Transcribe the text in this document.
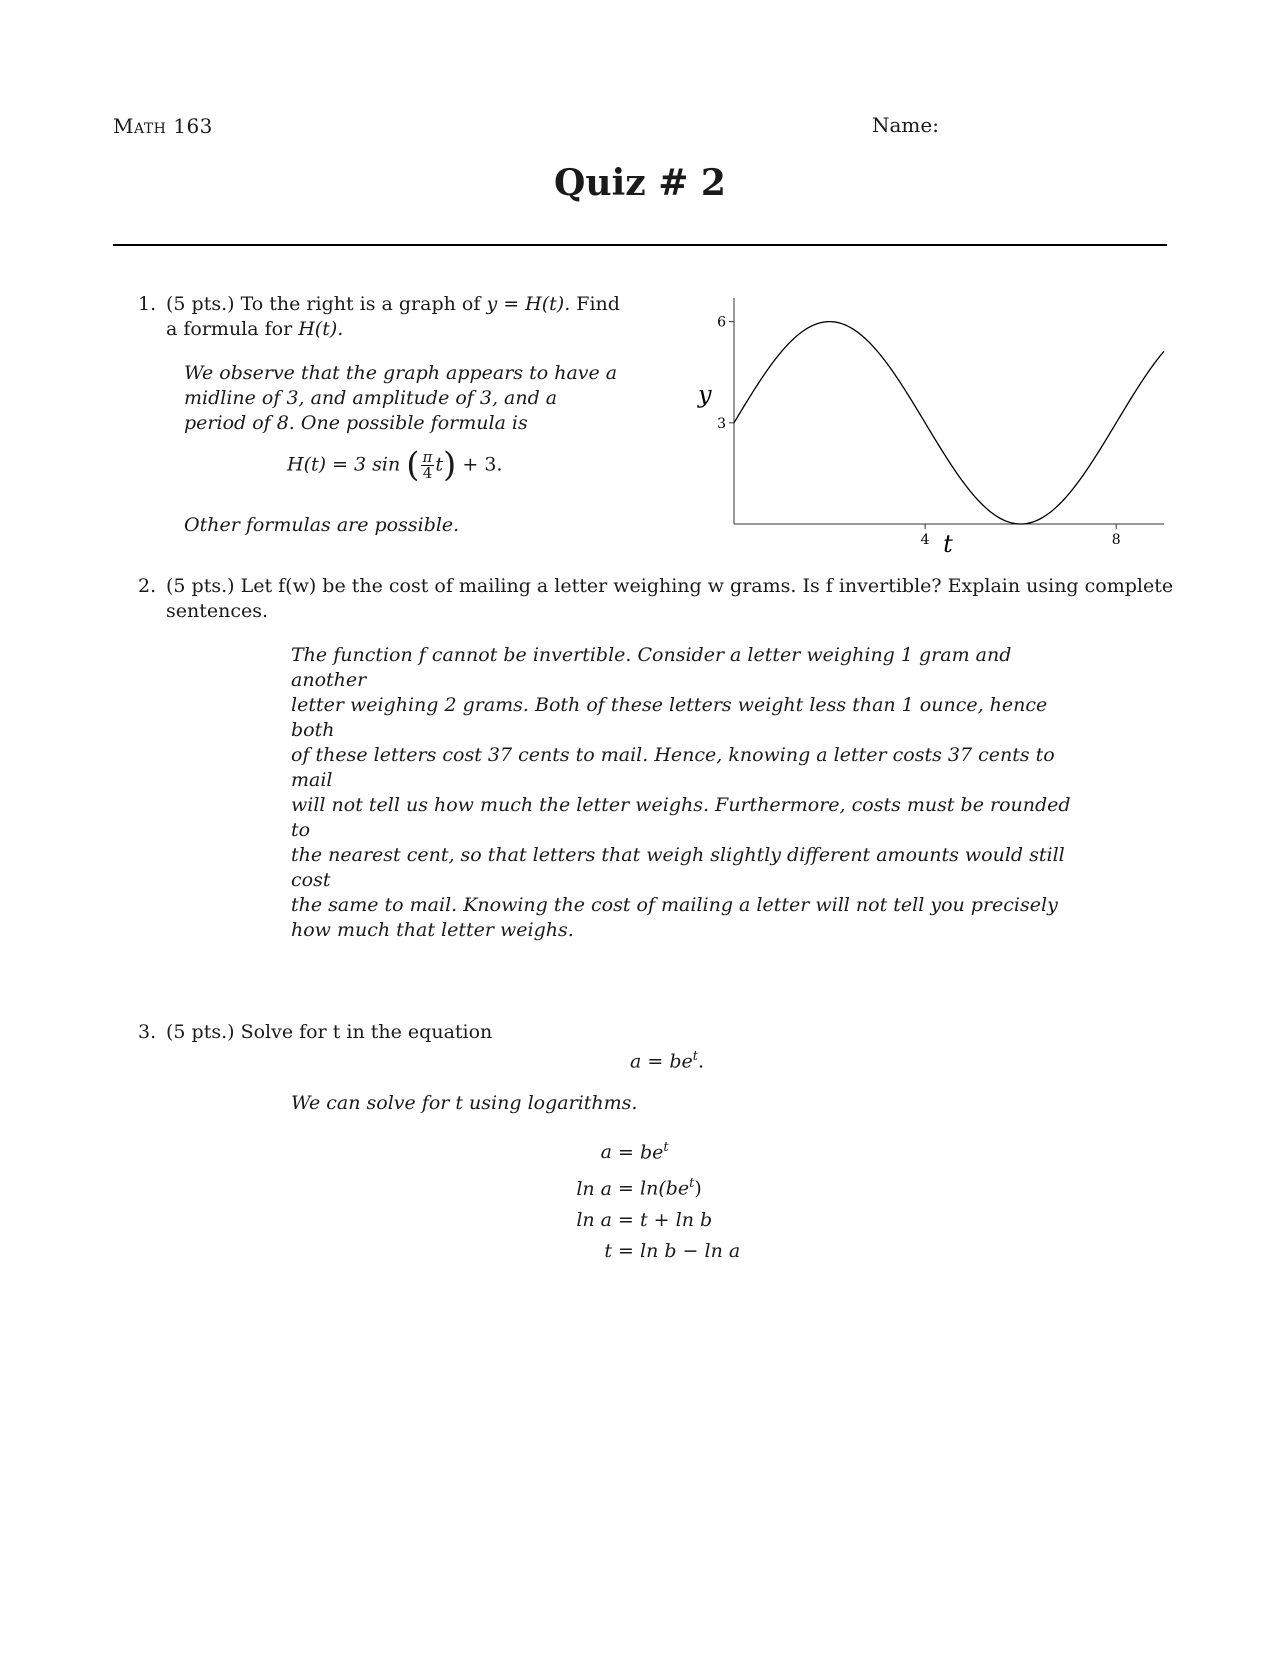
Math 163	Name:
Quiz # 2
1. (5 pts.) To the right is a graph of y = H(t). Find
a formula for H(t).
We observe that the graph appears to have a
midline of 3, and amplitude of 3, and a
period of 8. One possible formula is
H(t) = 3 sin ( $\frac{\pi}{4} t) + 3$.
Other formulas are possible.
3
6
4	8
y
t
2. (5 pts.) Let f(w) be the cost of mailing a letter weighing w grams. Is f invertible? Explain using complete
sentences.
The function f cannot be invertible. Consider a letter weighing 1 gram and another
letter weighing 2 grams. Both of these letters weight less than 1 ounce, hence both
of these letters cost 37 cents to mail. Hence, knowing a letter costs 37 cents to mail
will not tell us how much the letter weighs. Furthermore, costs must be rounded to
the nearest cent, so that letters that weigh slightly different amounts would still cost
the same to mail. Knowing the cost of mailing a letter will not tell you precisely
how much that letter weighs.
3. (5 pts.) Solve for t in the equation
$a = be^t$.
We can solve for t using logarithms.
$a = be^t$
$\ln a = \ln(be^t)$
ln a = t + ln b
t = ln b − ln a
